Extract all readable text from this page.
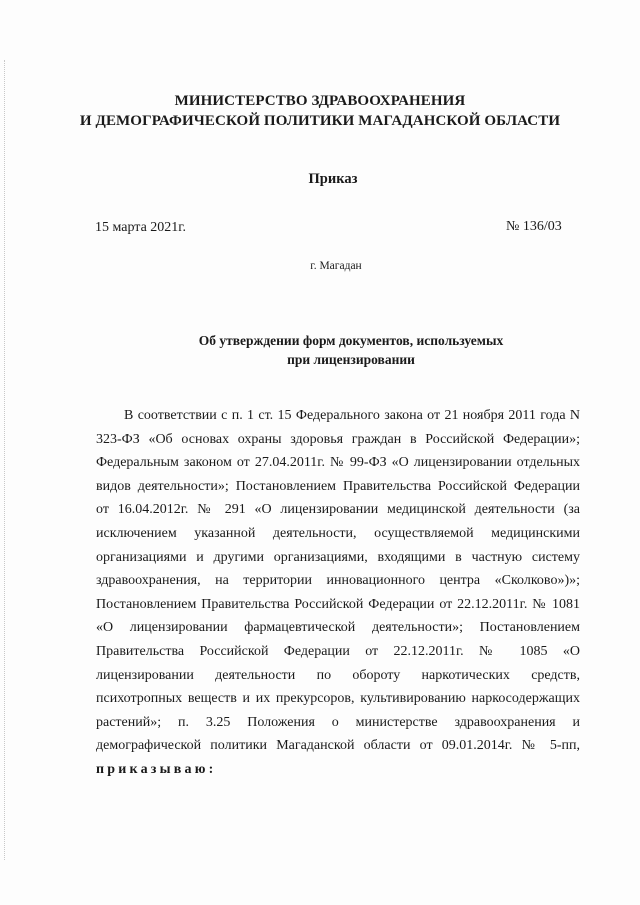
МИНИСТЕРСТВО ЗДРАВООХРАНЕНИЯ
И ДЕМОГРАФИЧЕСКОЙ ПОЛИТИКИ МАГАДАНСКОЙ ОБЛАСТИ
Приказ
15 марта 2021г.	№ 136/03
г. Магадан
Об утверждении форм документов, используемых
при лицензировании
В соответствии с п. 1 ст. 15 Федерального закона от 21 ноября 2011 года N
323-ФЗ «Об основах охраны здоровья граждан в Российской Федерации»;
Федеральным законом от 27.04.2011г. № 99-ФЗ «О лицензировании отдельных
видов деятельности»; Постановлением Правительства Российской Федерации
от 16.04.2012г. № 291 «О лицензировании медицинской деятельности (за
исключением указанной деятельности, осуществляемой медицинскими
организациями и другими организациями, входящими в частную систему
здравоохранения, на территории инновационного центра «Сколково»)»;
Постановлением Правительства Российской Федерации от 22.12.2011г. № 1081
«О лицензировании фармацевтической деятельности»; Постановлением
Правительства Российской Федерации от 22.12.2011г. № 1085 «О
лицензировании деятельности по обороту наркотических средств,
психотропных веществ и их прекурсоров, культивированию наркосодержащих
растений»; п. 3.25 Положения о министерстве здравоохранения и
демографической политики Магаданской области от 09.01.2014г. № 5-пп,
приказываю:
